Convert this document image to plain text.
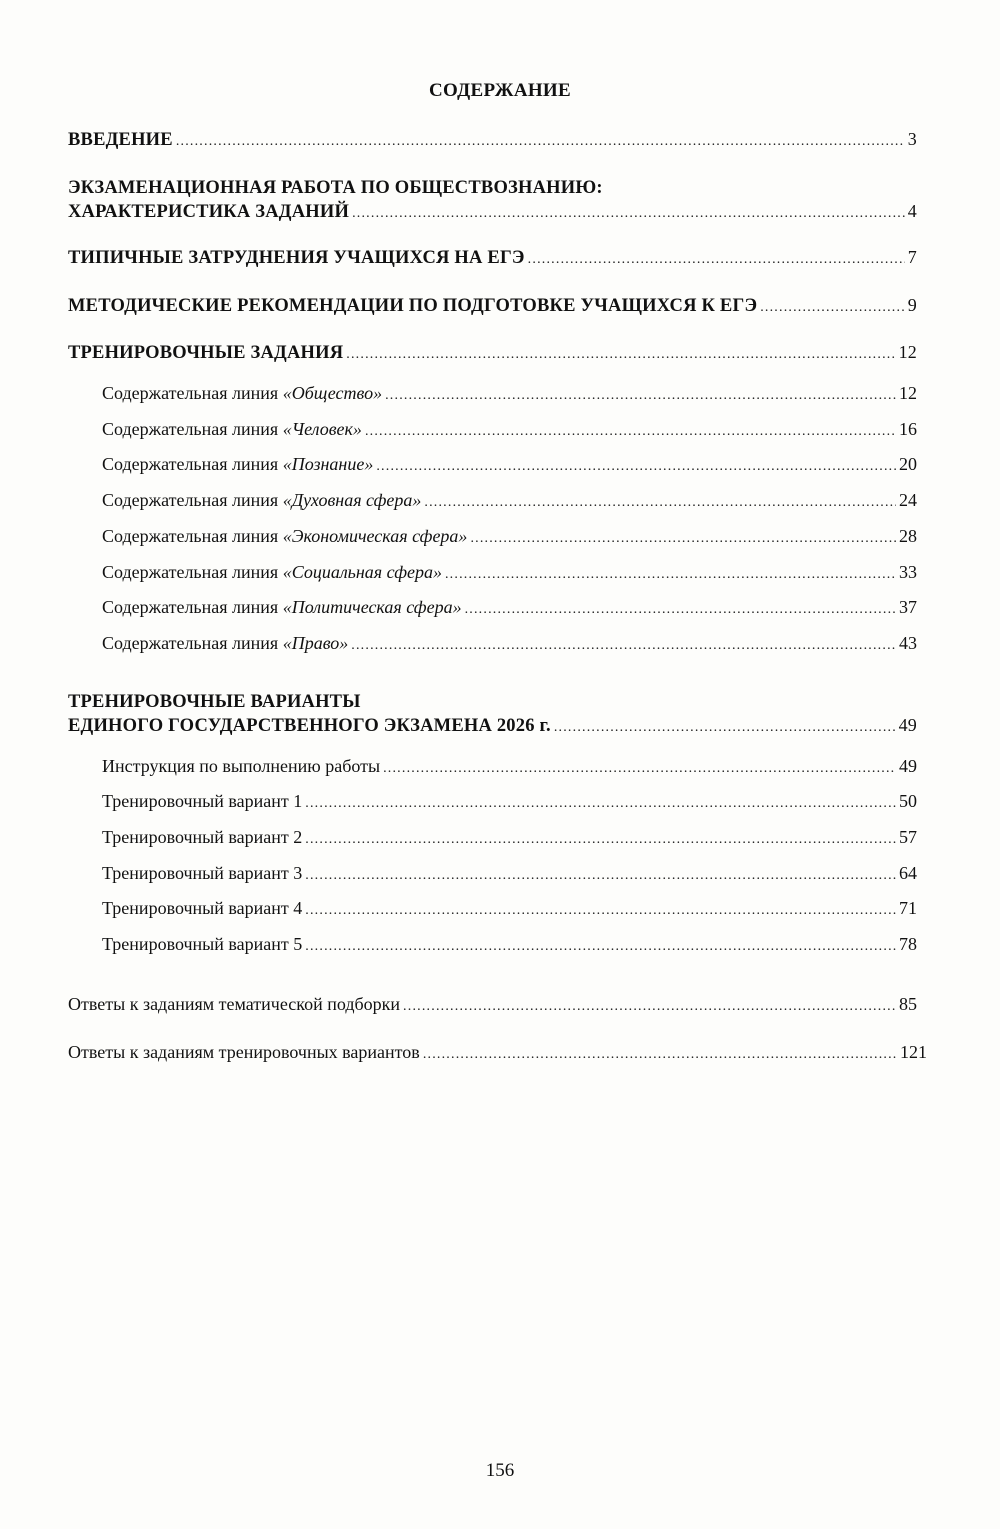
СОДЕРЖАНИЕ
ВВЕДЕНИЕ .....	3
ЭКЗАМЕНАЦИОННАЯ РАБОТА ПО ОБЩЕСТВОЗНАНИЮ:
ХАРАКТЕРИСТИКА ЗАДАНИЙ .....	4
ТИПИЧНЫЕ ЗАТРУДНЕНИЯ УЧАЩИХСЯ НА ЕГЭ .....	7
МЕТОДИЧЕСКИЕ РЕКОМЕНДАЦИИ ПО ПОДГОТОВКЕ УЧАЩИХСЯ К ЕГЭ .....	9
ТРЕНИРОВОЧНЫЕ ЗАДАНИЯ .....	12
Содержательная линия «Общество» .....	12
Содержательная линия «Человек» .....	16
Содержательная линия «Познание» .....	20
Содержательная линия «Духовная сфера» .....	24
Содержательная линия «Экономическая сфера» .....	28
Содержательная линия «Социальная сфера» .....	33
Содержательная линия «Политическая сфера» .....	37
Содержательная линия «Право» .....	43
ТРЕНИРОВОЧНЫЕ ВАРИАНТЫ
ЕДИНОГО ГОСУДАРСТВЕННОГО ЭКЗАМЕНА 2026 г. .....	49
Инструкция по выполнению работы .....	49
Тренировочный вариант 1 .....	50
Тренировочный вариант 2 .....	57
Тренировочный вариант 3 .....	64
Тренировочный вариант 4 .....	71
Тренировочный вариант 5 .....	78
Ответы к заданиям тематической подборки .....	85
Ответы к заданиям тренировочных вариантов .....	121
156
